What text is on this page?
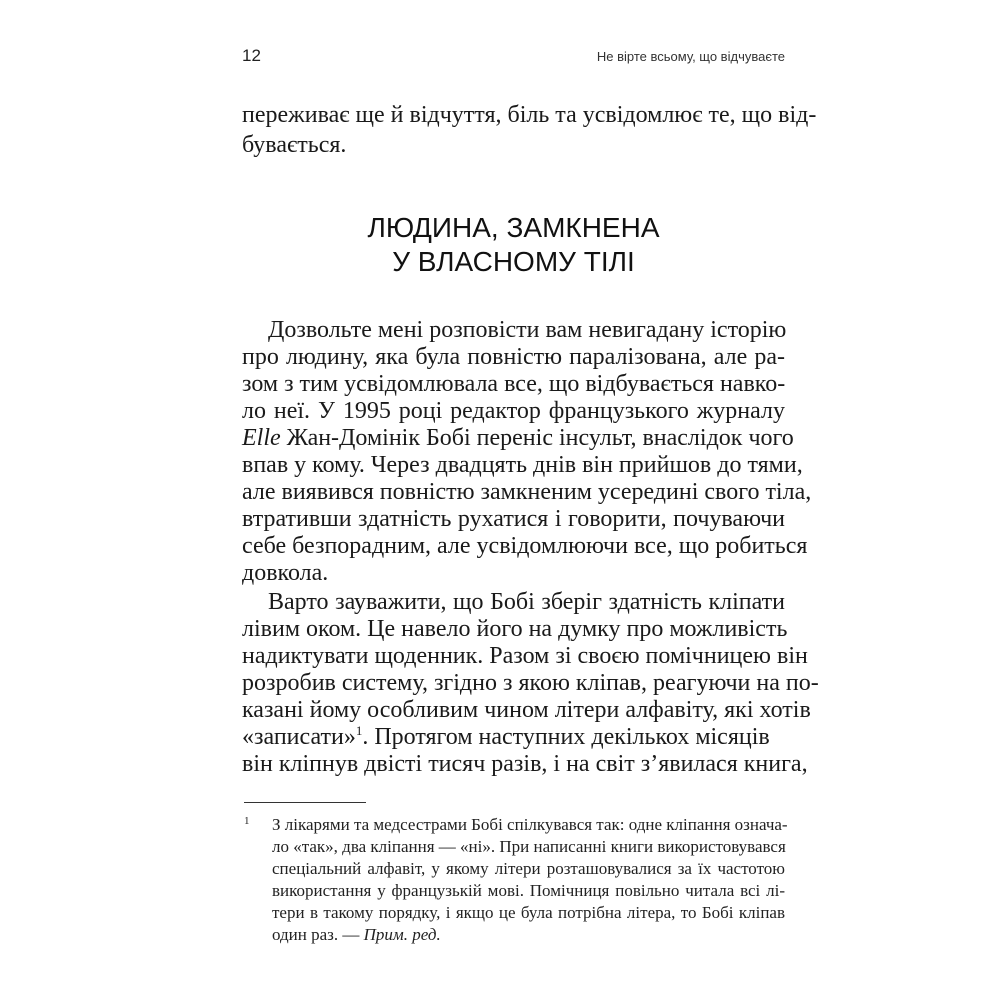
12	Не вірте всьому, що відчуваєте
переживає ще й відчуття, біль та усвідомлює те, що від-
бувається.
ЛЮДИНА, ЗАМКНЕНА
У ВЛАСНОМУ ТІЛІ
Дозвольте мені розповісти вам невигадану історію
про людину, яка була повністю паралізована, але ра-
зом з тим усвідомлювала все, що відбувається навко-
ло неї. У 1995 році редактор французького журналу
Elle Жан-Домінік Бобі переніс інсульт, внаслідок чого
впав у кому. Через двадцять днів він прийшов до тями,
але виявився повністю замкненим усередині свого тіла,
втративши здатність рухатися і говорити, почуваючи
себе безпорадним, але усвідомлюючи все, що робиться
довкола.
Варто зауважити, що Бобі зберіг здатність кліпати
лівим оком. Це навело його на думку про можливість
надиктувати щоденник. Разом зі своєю помічницею він
розробив систему, згідно з якою кліпав, реагуючи на по-
казані йому особливим чином літери алфавіту, які хотів
«записати»$^1$. Протягом наступних декількох місяців
він кліпнув двісті тисяч разів, і на світ з’явилася книга,
1 З лікарями та медсестрами Бобі спілкувався так: одне кліпання означа-
ло «так», два кліпання — «ні». При написанні книги використовувався
спеціальний алфавіт, у якому літери розташовувалися за їх частотою
використання у французькій мові. Помічниця повільно читала всі лі-
тери в такому порядку, і якщо це була потрібна літера, то Бобі кліпав
один раз. — Прим. ред.
